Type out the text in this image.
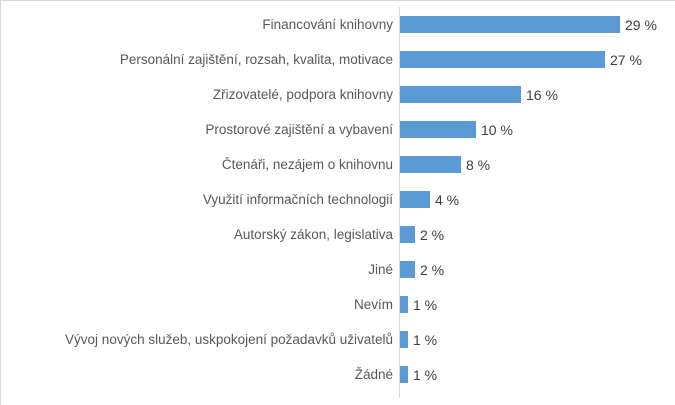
Financování knihovny	29 %
Personální zajištění, rozsah, kvalita, motivace	27 %
Zřizovatelé, podpora knihovny	16 %
Prostorové zajištění a vybavení	10 %
Čtenáři, nezájem o knihovnu	8 %
Využití informačních technologií	4 %
Autorský zákon, legislativa	2 %
Jiné	2 %
Nevím	1 %
Vývoj nových služeb, uskpokojení požadavků uživatelů	1 %
Žádné	1 %
